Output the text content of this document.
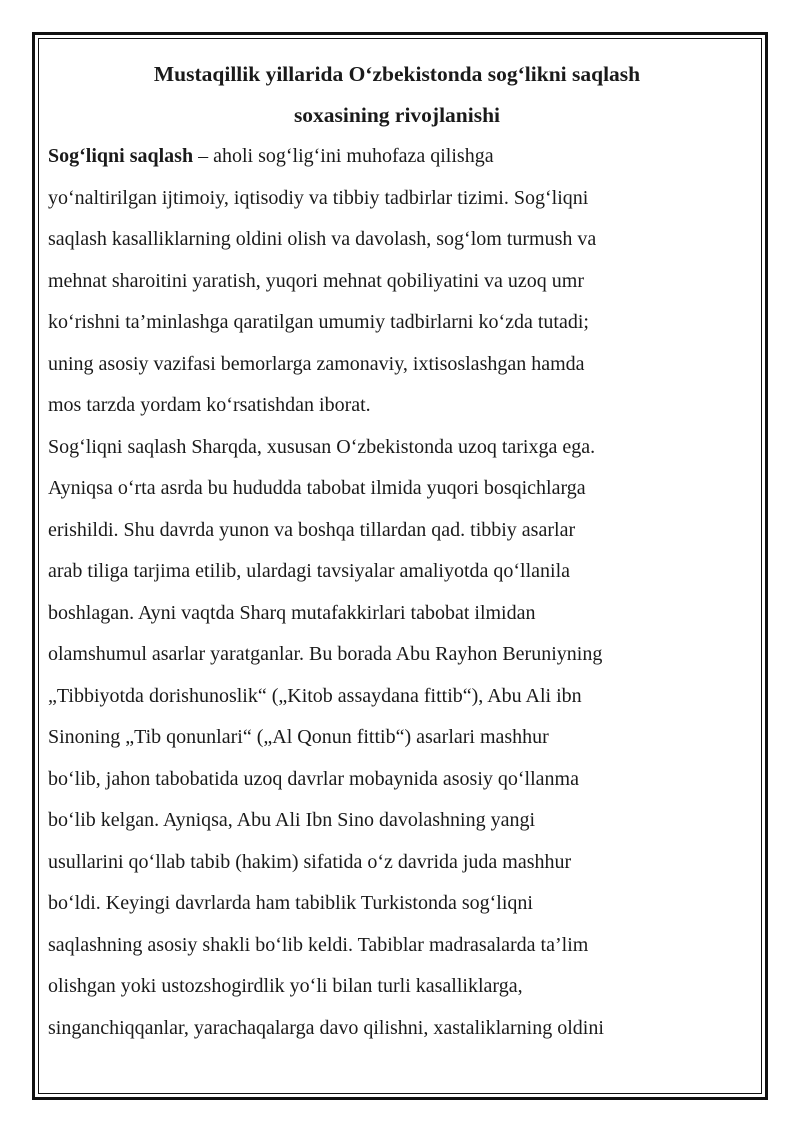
Mustaqillik yillarida O‘zbekistonda sog‘likni saqlash
soxasining rivojlanishi

Sog‘liqni saqlash – aholi sog‘lig‘ini muhofaza qilishga
yo‘naltirilgan ijtimoiy, iqtisodiy va tibbiy tadbirlar tizimi. Sog‘liqni
saqlash kasalliklarning oldini olish va davolash, sog‘lom turmush va
mehnat sharoitini yaratish, yuqori mehnat qobiliyatini va uzoq umr
ko‘rishni ta’minlashga qaratilgan umumiy tadbirlarni ko‘zda tutadi;
uning asosiy vazifasi bemorlarga zamonaviy, ixtisoslashgan hamda
mos tarzda yordam ko‘rsatishdan iborat.

Sog‘liqni saqlash Sharqda, xususan O‘zbekistonda uzoq tarixga ega.
Ayniqsa o‘rta asrda bu hududda tabobat ilmida yuqori bosqichlarga
erishildi. Shu davrda yunon va boshqa tillardan qad. tibbiy asarlar
arab tiliga tarjima etilib, ulardagi tavsiyalar amaliyotda qo‘llanila
boshlagan. Ayni vaqtda Sharq mutafakkirlari tabobat ilmidan
olamshumul asarlar yaratganlar. Bu borada Abu Rayhon Beruniyning
„Tibbiyotda dorishunoslik“ („Kitob assaydana fittib“), Abu Ali ibn
Sinoning „Tib qonunlari“ („Al Qonun fittib“) asarlari mashhur
bo‘lib, jahon tabobatida uzoq davrlar mobaynida asosiy qo‘llanma
bo‘lib kelgan. Ayniqsa, Abu Ali Ibn Sino davolashning yangi
usullarini qo‘llab tabib (hakim) sifatida o‘z davrida juda mashhur
bo‘ldi. Keyingi davrlarda ham tabiblik Turkistonda sog‘liqni
saqlashning asosiy shakli bo‘lib keldi. Tabiblar madrasalarda ta’lim
olishgan yoki ustozshogirdlik yo‘li bilan turli kasalliklarga,
singanchiqqanlar, yarachaqalarga davo qilishni, xastaliklarning oldini
